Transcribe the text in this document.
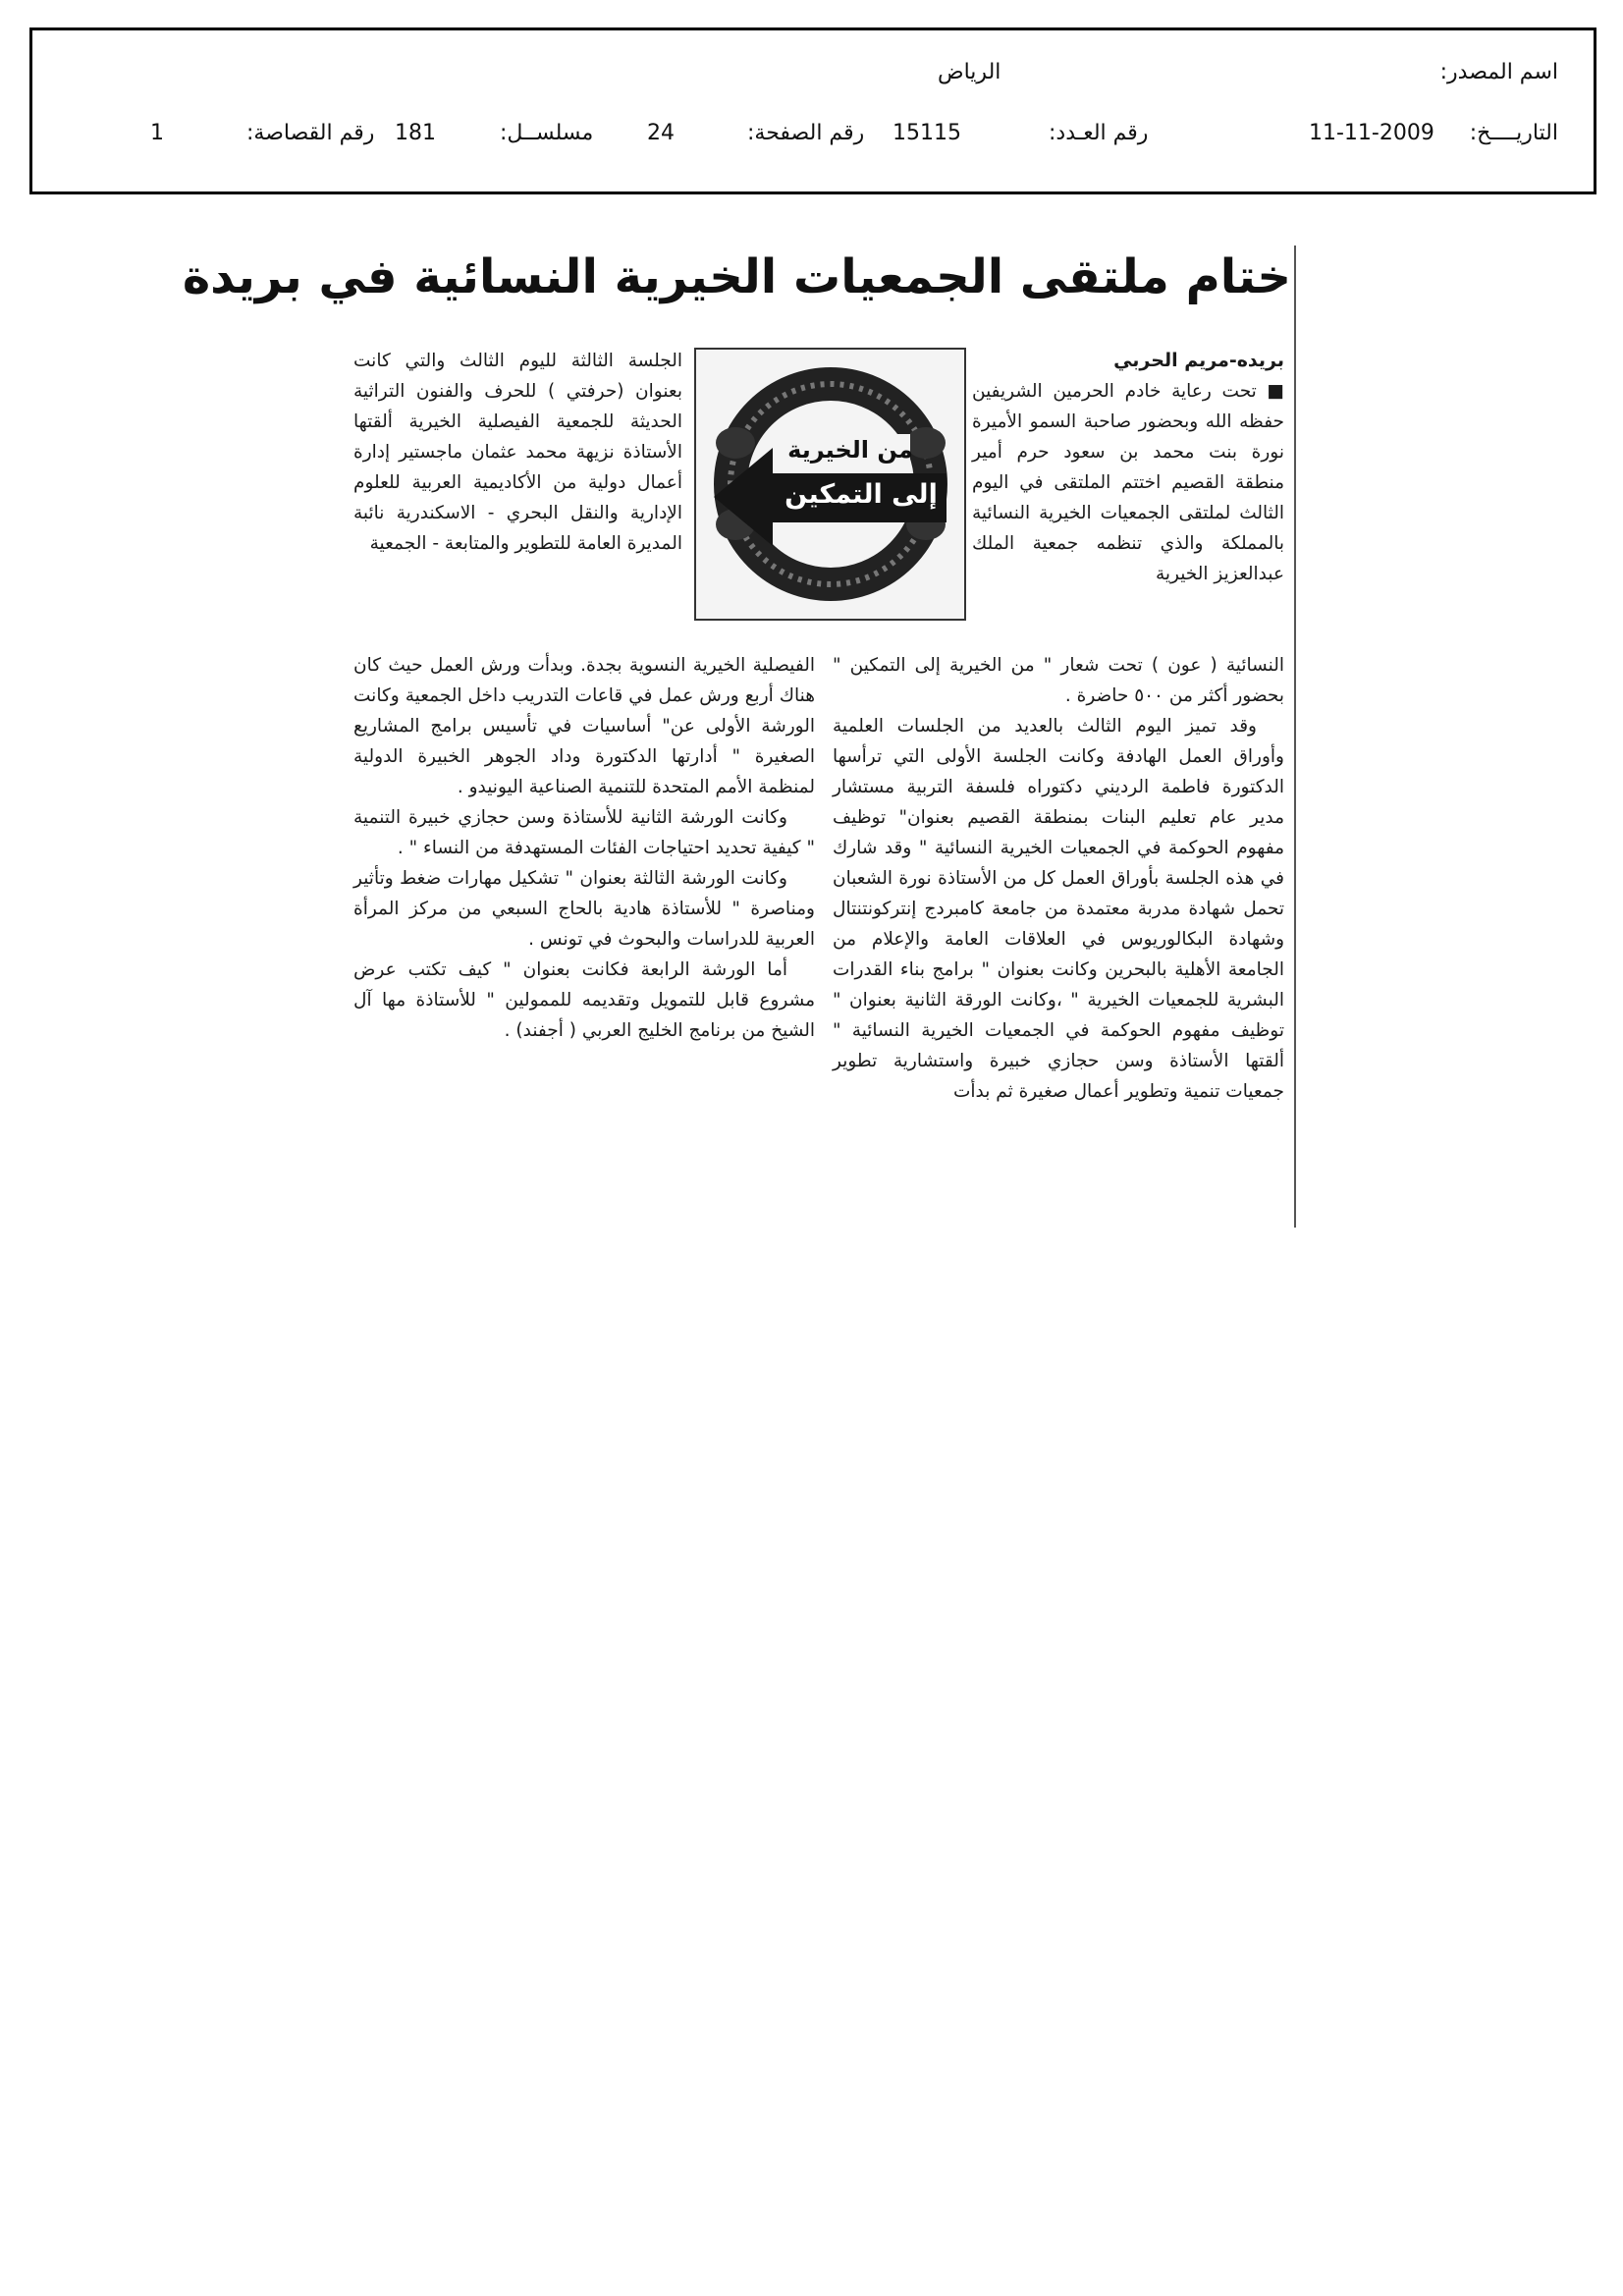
اسم المصدر:
الرياض
التاريــــخ:
11-11-2009
رقم العـدد:
15115
رقم الصفحة:
24
مسلســل:
181
رقم القصاصة:
1
ختام ملتقى الجمعيات الخيرية النسائية في بريدة

بريده-مريم الحربي

■ تحت رعاية خادم الحرمين الشريفين حفظه الله وبحضور صاحبة السمو الأميرة نورة بنت محمد بن سعود حرم أمير منطقة القصيم اختتم الملتقى في اليوم الثالث لملتقى الجمعيات الخيرية النسائية بالمملكة والذي تنظمه جمعية الملك عبدالعزيز الخيرية

من الخيرية
إلى التمكين

الجلسة الثالثة لليوم الثالث والتي كانت بعنوان (حرفتي ) للحرف والفنون التراثية الحديثة للجمعية الفيصلية الخيرية ألقتها الأستاذة نزيهة محمد عثمان ماجستير إدارة أعمال دولية من الأكاديمية العربية للعلوم الإدارية والنقل البحري - الاسكندرية نائبة المديرة العامة للتطوير والمتابعة - الجمعية

النسائية ( عون ) تحت شعار " من الخيرية إلى التمكين " بحضور أكثر من ٥٠٠ حاضرة .

وقد تميز اليوم الثالث بالعديد من الجلسات العلمية وأوراق العمل الهادفة وكانت الجلسة الأولى التي ترأسها الدكتورة فاطمة الرديني دكتوراه فلسفة التربية مستشار مدير عام تعليم البنات بمنطقة القصيم بعنوان" توظيف مفهوم الحوكمة في الجمعيات الخيرية النسائية " وقد شارك في هذه الجلسة بأوراق العمل كل من الأستاذة نورة الشعبان تحمل شهادة مدربة معتمدة من جامعة كامبردج إنتركونتنتال وشهادة البكالوريوس في العلاقات العامة والإعلام من الجامعة الأهلية بالبحرين وكانت بعنوان " برامج بناء القدرات البشرية للجمعيات الخيرية " ،وكانت الورقة الثانية بعنوان " توظيف مفهوم الحوكمة في الجمعيات الخيرية النسائية " ألقتها الأستاذة وسن حجازي خبيرة واستشارية تطوير جمعيات تنمية وتطوير أعمال صغيرة ثم بدأت

الفيصلية الخيرية النسوية بجدة. وبدأت ورش العمل حيث كان هناك أربع ورش عمل في قاعات التدريب داخل الجمعية وكانت الورشة الأولى عن" أساسيات في تأسيس برامج المشاريع الصغيرة " أدارتها الدكتورة وداد الجوهر الخبيرة الدولية لمنظمة الأمم المتحدة للتنمية الصناعية اليونيدو .

وكانت الورشة الثانية للأستاذة وسن حجازي خبيرة التنمية " كيفية تحديد احتياجات الفئات المستهدفة من النساء " .

وكانت الورشة الثالثة بعنوان " تشكيل مهارات ضغط وتأثير ومناصرة " للأستاذة هادية بالحاج السبعي من مركز المرأة العربية للدراسات والبحوث في تونس .

أما الورشة الرابعة فكانت بعنوان " كيف تكتب عرض مشروع قابل للتمويل وتقديمه للممولين " للأستاذة مها آل الشيخ من برنامج الخليج العربي ( أجفند) .
